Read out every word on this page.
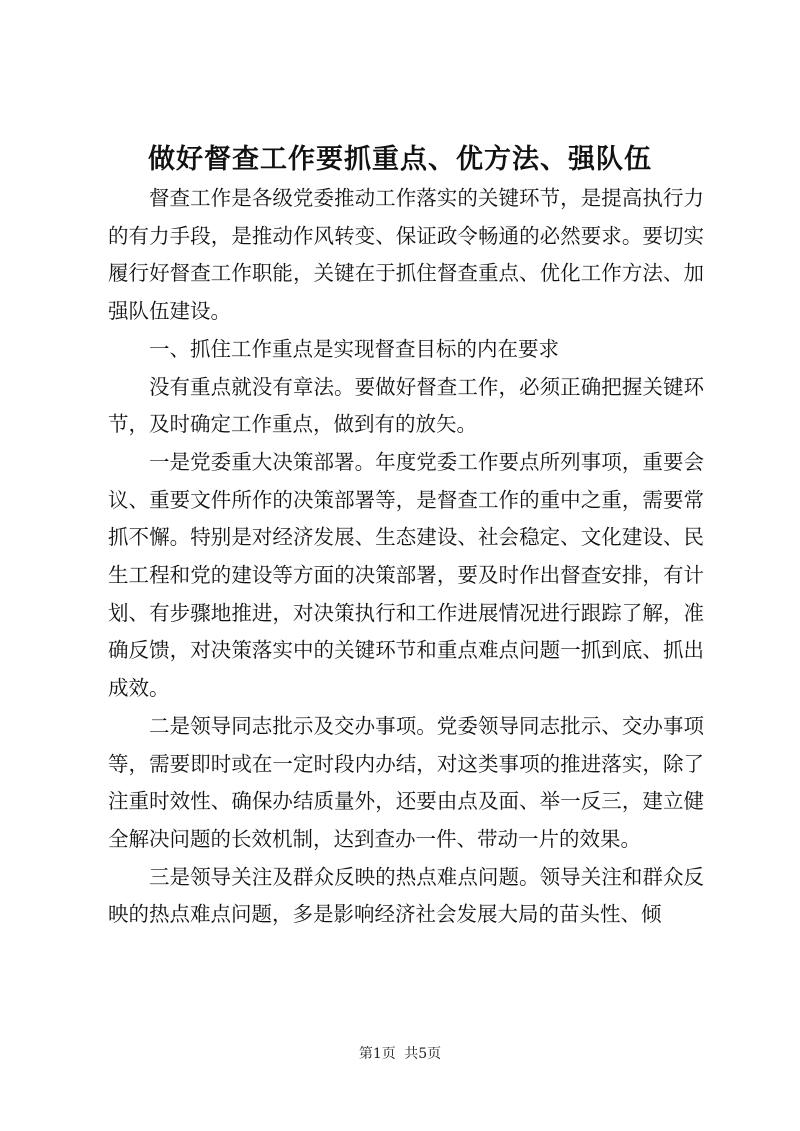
做好督查工作要抓重点、优方法、强队伍

督查工作是各级党委推动工作落实的关键环节，是提高执行力的有力手段，是推动作风转变、保证政令畅通的必然要求。要切实履行好督查工作职能，关键在于抓住督查重点、优化工作方法、加强队伍建设。

一、抓住工作重点是实现督查目标的内在要求

没有重点就没有章法。要做好督查工作，必须正确把握关键环节，及时确定工作重点，做到有的放矢。

一是党委重大决策部署。年度党委工作要点所列事项，重要会议、重要文件所作的决策部署等，是督查工作的重中之重，需要常抓不懈。特别是对经济发展、生态建设、社会稳定、文化建设、民生工程和党的建设等方面的决策部署，要及时作出督查安排，有计划、有步骤地推进，对决策执行和工作进展情况进行跟踪了解，准确反馈，对决策落实中的关键环节和重点难点问题一抓到底、抓出成效。

二是领导同志批示及交办事项。党委领导同志批示、交办事项等，需要即时或在一定时段内办结，对这类事项的推进落实，除了注重时效性、确保办结质量外，还要由点及面、举一反三，建立健全解决问题的长效机制，达到查办一件、带动一片的效果。

三是领导关注及群众反映的热点难点问题。领导关注和群众反映的热点难点问题，多是影响经济社会发展大局的苗头性、倾

第1页 共5页
